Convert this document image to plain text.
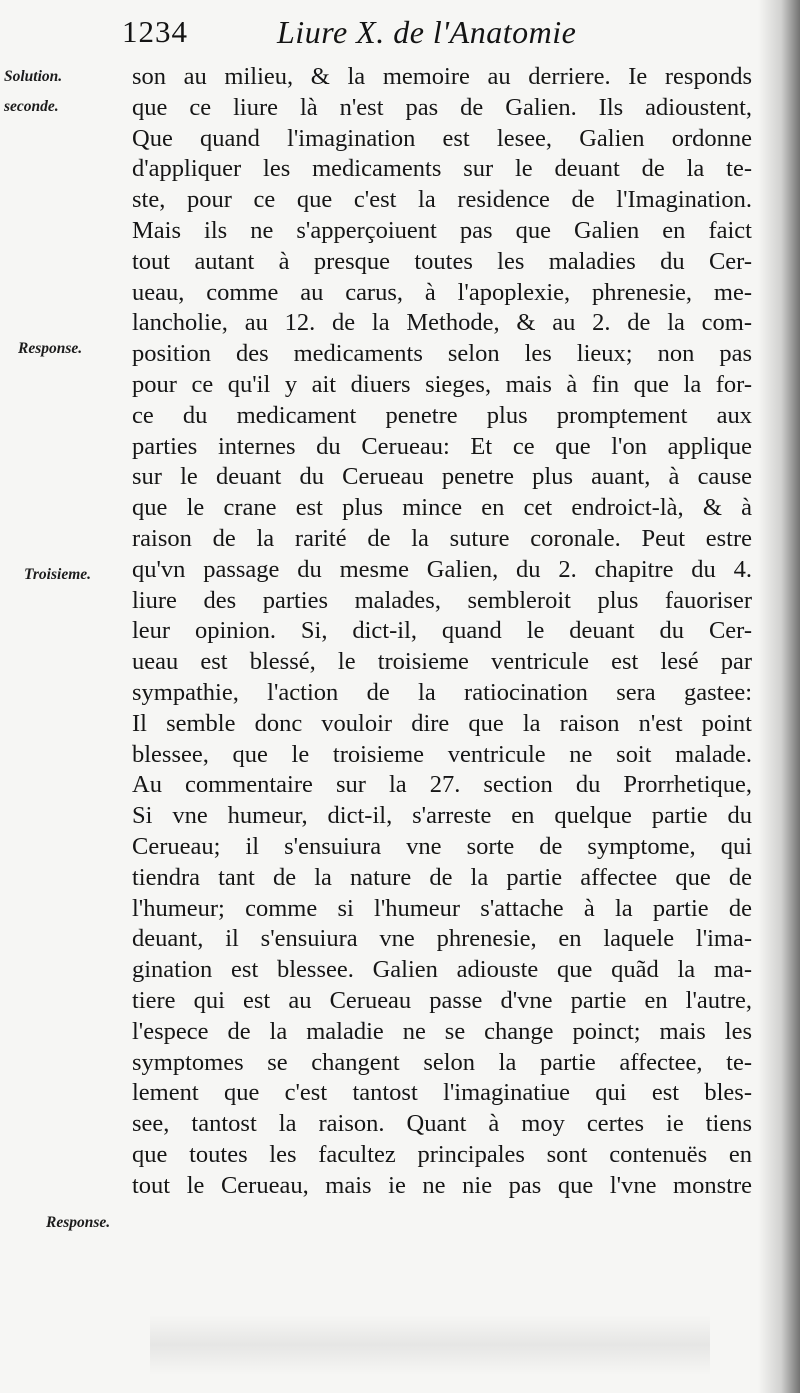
1234	Liure X. de l'Anatomie
Solution.
seconde.
Response.
Troisieme.
Response.
son au milieu, & la memoire au derriere. Ie responds
que ce liure là n'est pas de Galien. Ils adioustent,
Que quand l'imagination est lesee, Galien ordonne
d'appliquer les medicaments sur le deuant de la te-
ste, pour ce que c'est la residence de l'Imagination.
Mais ils ne s'apperçoiuent pas que Galien en faict
tout autant à presque toutes les maladies du Cer-
ueau, comme au carus, à l'apoplexie, phrenesie, me-
lancholie, au 12. de la Methode, & au 2. de la com-
position des medicaments selon les lieux; non pas
pour ce qu'il y ait diuers sieges, mais à fin que la for-
ce du medicament penetre plus promptement aux
parties internes du Cerueau: Et ce que l'on applique
sur le deuant du Cerueau penetre plus auant, à cause
que le crane est plus mince en cet endroict-là, & à
raison de la rarité de la suture coronale. Peut estre
qu'vn passage du mesme Galien, du 2. chapitre du 4.
liure des parties malades, sembleroit plus fauoriser
leur opinion. Si, dict-il, quand le deuant du Cer-
ueau est blessé, le troisieme ventricule est lesé par
sympathie, l'action de la ratiocination sera gastee:
Il semble donc vouloir dire que la raison n'est point
blessee, que le troisieme ventricule ne soit malade.
Au commentaire sur la 27. section du Prorrhetique,
Si vne humeur, dict-il, s'arreste en quelque partie du
Cerueau; il s'ensuiura vne sorte de symptome, qui
tiendra tant de la nature de la partie affectee que de
l'humeur; comme si l'humeur s'attache à la partie de
deuant, il s'ensuiura vne phrenesie, en laquele l'ima-
gination est blessee. Galien adiouste que quãd la ma-
tiere qui est au Cerueau passe d'vne partie en l'autre,
l'espece de la maladie ne se change poinct; mais les
symptomes se changent selon la partie affectee, te-
lement que c'est tantost l'imaginatiue qui est bles-
see, tantost la raison. Quant à moy certes ie tiens
que toutes les facultez principales sont contenuës en
tout le Cerueau, mais ie ne nie pas que l'vne monstre
